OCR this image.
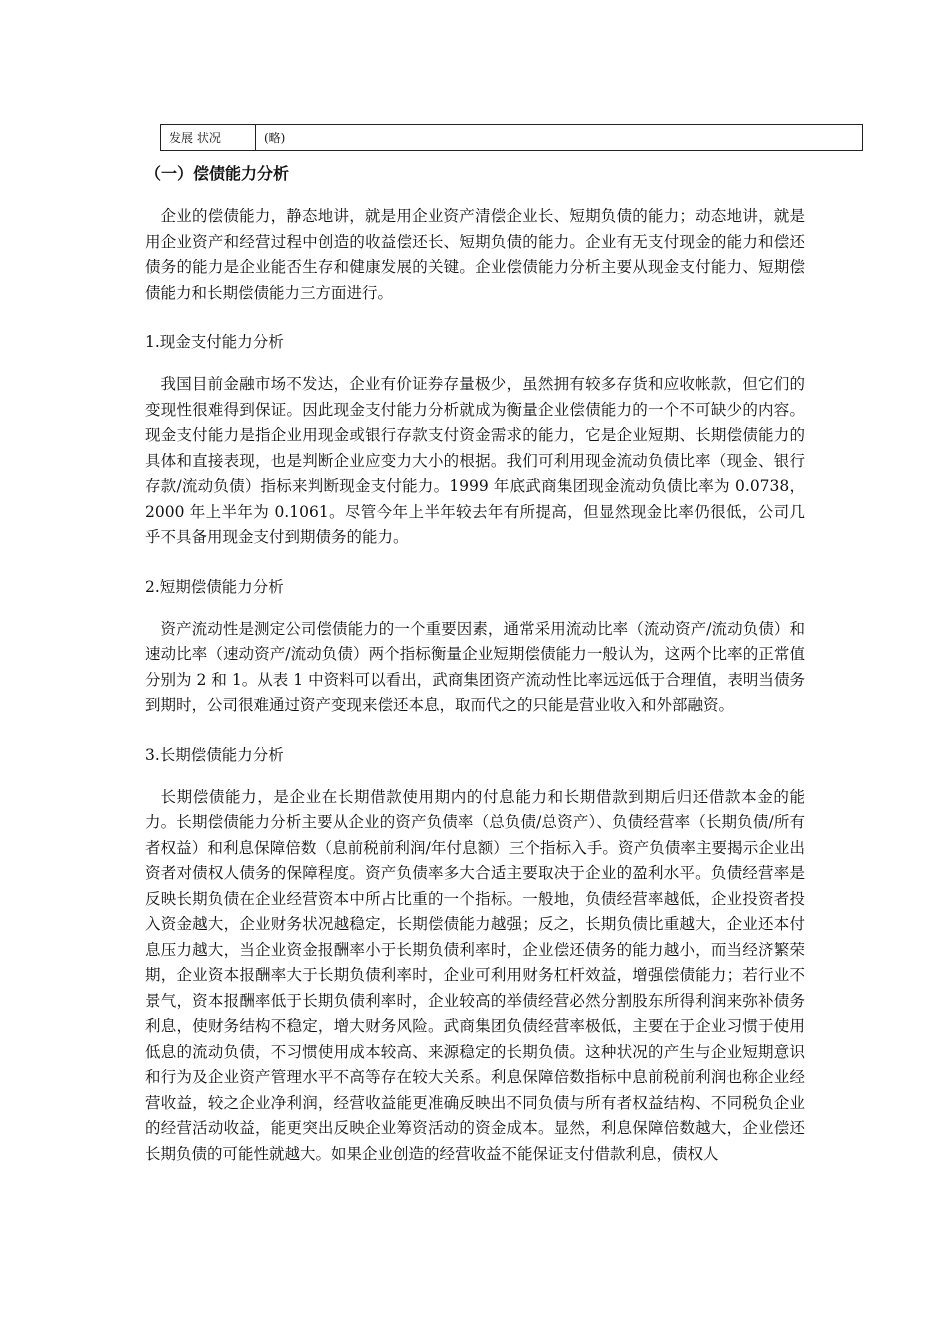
发展 状况	(略)
（一）偿债能力分析

企业的偿债能力，静态地讲，就是用企业资产清偿企业长、短期负债的能力；动态地讲，就是用企业资产和经营过程中创造的收益偿还长、短期负债的能力。企业有无支付现金的能力和偿还债务的能力是企业能否生存和健康发展的关键。企业偿债能力分析主要从现金支付能力、短期偿债能力和长期偿债能力三方面进行。

1.现金支付能力分析

我国目前金融市场不发达，企业有价证券存量极少，虽然拥有较多存货和应收帐款，但它们的变现性很难得到保证。因此现金支付能力分析就成为衡量企业偿债能力的一个不可缺少的内容。现金支付能力是指企业用现金或银行存款支付资金需求的能力，它是企业短期、长期偿债能力的具体和直接表现，也是判断企业应变力大小的根据。我们可利用现金流动负债比率（现金、银行存款/流动负债）指标来判断现金支付能力。1999 年底武商集团现金流动负债比率为 0.0738，2000 年上半年为 0.1061。尽管今年上半年较去年有所提高，但显然现金比率仍很低，公司几乎不具备用现金支付到期债务的能力。

2.短期偿债能力分析

资产流动性是测定公司偿债能力的一个重要因素，通常采用流动比率（流动资产/流动负债）和速动比率（速动资产/流动负债）两个指标衡量企业短期偿债能力一般认为，这两个比率的正常值分别为 2 和 1。从表 1 中资料可以看出，武商集团资产流动性比率远远低于合理值，表明当债务到期时，公司很难通过资产变现来偿还本息，取而代之的只能是营业收入和外部融资。

3.长期偿债能力分析

长期偿债能力，是企业在长期借款使用期内的付息能力和长期借款到期后归还借款本金的能力。长期偿债能力分析主要从企业的资产负债率（总负债/总资产）、负债经营率（长期负债/所有者权益）和利息保障倍数（息前税前利润/年付息额）三个指标入手。资产负债率主要揭示企业出资者对债权人债务的保障程度。资产负债率多大合适主要取决于企业的盈利水平。负债经营率是反映长期负债在企业经营资本中所占比重的一个指标。一般地，负债经营率越低，企业投资者投入资金越大，企业财务状况越稳定，长期偿债能力越强；反之，长期负债比重越大，企业还本付息压力越大，当企业资金报酬率小于长期负债利率时，企业偿还债务的能力越小，而当经济繁荣期，企业资本报酬率大于长期负债利率时，企业可利用财务杠杆效益，增强偿债能力；若行业不景气，资本报酬率低于长期负债利率时，企业较高的举债经营必然分割股东所得利润来弥补债务利息，使财务结构不稳定，增大财务风险。武商集团负债经营率极低，主要在于企业习惯于使用低息的流动负债，不习惯使用成本较高、来源稳定的长期负债。这种状况的产生与企业短期意识和行为及企业资产管理水平不高等存在较大关系。利息保障倍数指标中息前税前利润也称企业经营收益，较之企业净利润，经营收益能更准确反映出不同负债与所有者权益结构、不同税负企业的经营活动收益，能更突出反映企业筹资活动的资金成本。显然，利息保障倍数越大，企业偿还长期负债的可能性就越大。如果企业创造的经营收益不能保证支付借款利息，债权人
